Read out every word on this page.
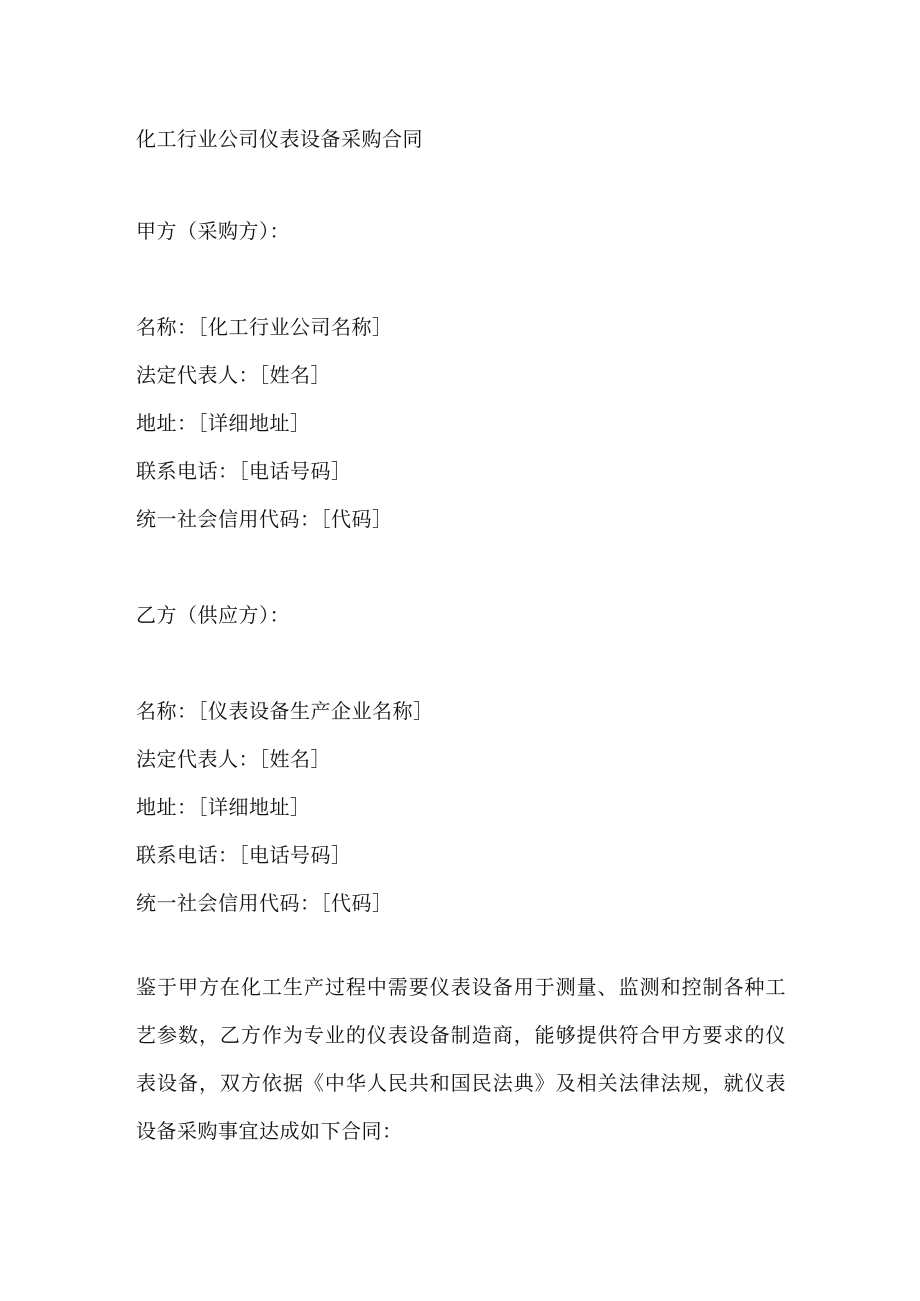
化工行业公司仪表设备采购合同
甲方（采购方）：
名称：［化工行业公司名称］
法定代表人：［姓名］
地址：［详细地址］
联系电话：［电话号码］
统一社会信用代码：［代码］
乙方（供应方）：
名称：［仪表设备生产企业名称］
法定代表人：［姓名］
地址：［详细地址］
联系电话：［电话号码］
统一社会信用代码：［代码］
鉴于甲方在化工生产过程中需要仪表设备用于测量、监测和控制各种工艺参数，乙方作为专业的仪表设备制造商，能够提供符合甲方要求的仪表设备，双方依据《中华人民共和国民法典》及相关法律法规，就仪表设备采购事宜达成如下合同：
